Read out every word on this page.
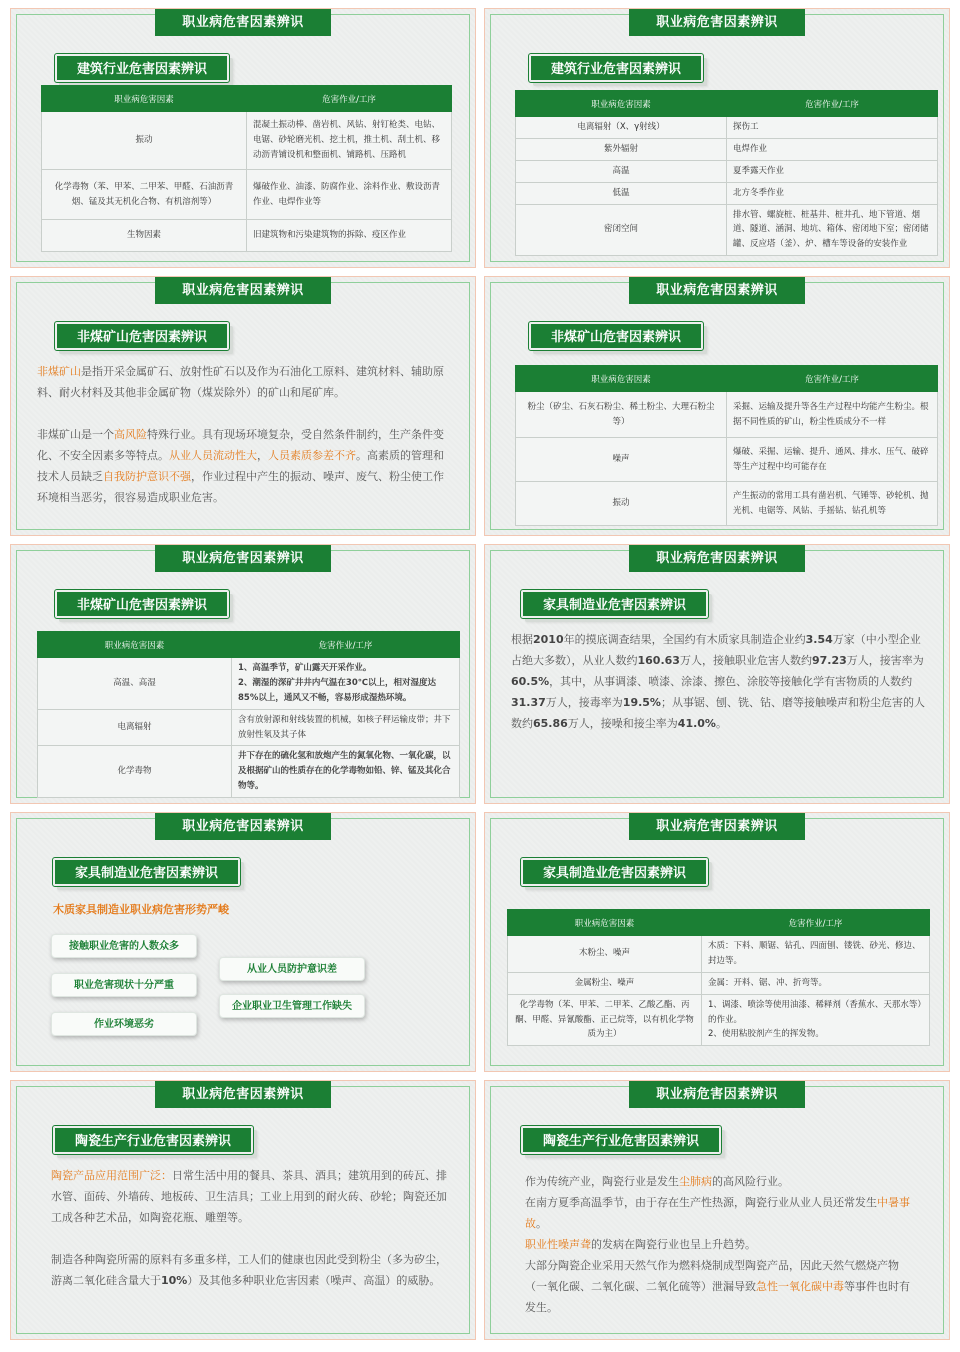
职业病危害因素辨识
建筑行业危害因素辨识
职业病危害因素	危害作业/工序
振动	混凝土振动棒、凿岩机、风钻、射钉枪类、电钻、电锯、砂轮磨光机、挖土机，推土机、刮土机、移动沥青铺设机和整面机、铺路机、压路机
化学毒物（苯、甲苯、二甲苯、甲醛、石油沥青烟、锰及其无机化合物、有机溶剂等）	爆破作业、油漆、防腐作业、涂料作业、敷设沥青作业、电焊作业等
生物因素	旧建筑物和污染建筑物的拆除、疫区作业
职业病危害因素辨识
建筑行业危害因素辨识
职业病危害因素	危害作业/工序
电离辐射（X、γ射线）	探伤工
紫外辐射	电焊作业
高温	夏季露天作业
低温	北方冬季作业
密闭空间	排水管、螺旋桩、桩基井、桩井孔、地下管道、烟道、隧道、涵洞、地坑、箱体、密闭地下室；密闭储罐、反应塔（釜）、炉、槽车等设备的安装作业
职业病危害因素辨识
非煤矿山危害因素辨识
非煤矿山是指开采金属矿石、放射性矿石以及作为石油化工原料、建筑材料、辅助原料、耐火材料及其他非金属矿物（煤炭除外）的矿山和尾矿库。
非煤矿山是一个高风险特殊行业。具有现场环境复杂，受自然条件制约，生产条件变化、不安全因素多等特点。从业人员流动性大，人员素质参差不齐。高素质的管理和技术人员缺乏自我防护意识不强，作业过程中产生的振动、噪声、废气、粉尘使工作环境相当恶劣，很容易造成职业危害。
职业病危害因素辨识
非煤矿山危害因素辨识
职业病危害因素	危害作业/工序
粉尘（矽尘、石灰石粉尘、稀土粉尘、大理石粉尘等）	采掘、运输及提升等各生产过程中均能产生粉尘。根据不同性质的矿山，粉尘性质成分不一样
噪声	爆破、采掘、运输、提升、通风、排水、压气、破碎等生产过程中均可能存在
振动	产生振动的常用工具有凿岩机、气锤等、砂轮机、抛光机、电锯等、风钻、手摇钻、钻孔机等
职业病危害因素辨识
非煤矿山危害因素辨识
职业病危害因素	危害作业/工序
高温、高湿	1、高温季节，矿山露天开采作业。
2、潮湿的深矿井井内气温在30℃以上，相对湿度达85%以上，通风又不畅，容易形成湿热环境。

电离辐射	含有放射源和射线装置的机械，如核子秤运输皮带；井下放射性氡及其子体
化学毒物	井下存在的硫化氢和放炮产生的氮氧化物、一氧化碳，以及根据矿山的性质存在的化学毒物如铅、锌、锰及其化合物等。
职业病危害因素辨识
家具制造业危害因素辨识
根据2010年的摸底调查结果，全国约有木质家具制造企业约3.54万家（中小型企业占绝大多数），从业人数约160.63万人，接触职业危害人数约97.23万人，接害率为60.5%，其中，从事调漆、喷漆、涂漆、擦色、涂胶等接触化学有害物质的人数约31.37万人，接毒率为19.5%；从事锯、刨、铣、钻、磨等接触噪声和粉尘危害的人数约65.86万人，接噪和接尘率为41.0%。
职业病危害因素辨识
家具制造业危害因素辨识
木质家具制造业职业病危害形势严峻
接触职业危害的人数众多
职业危害现状十分严重
作业环境恶劣
从业人员防护意识差
企业职业卫生管理工作缺失
职业病危害因素辨识
家具制造业危害因素辨识
职业病危害因素	危害作业/工序
木粉尘、噪声	木质：下料、顺锯、钻孔、四面刨、镂铣、砂光、修边、封边等。
金属粉尘、噪声	金属：开料、锯、冲、折弯等。
化学毒物（苯、甲苯、二甲苯、乙酸乙酯、丙酮、甲醛、异氰酸酯、正己烷等，以有机化学物质为主）	1、调漆、喷涂等使用油漆、稀释剂（香蕉水、天那水等）的作业。
2、使用粘胶剂产生的挥发物。
职业病危害因素辨识
陶瓷生产行业危害因素辨识
陶瓷产品应用范围广泛：日常生活中用的餐具、茶具、酒具；建筑用到的砖瓦、排水管、面砖、外墙砖、地板砖、卫生洁具；工业上用到的耐火砖、砂轮；陶瓷还加工成各种艺术品，如陶瓷花瓶、雕塑等。
制造各种陶瓷所需的原料有多重多样，工人们的健康也因此受到粉尘（多为矽尘，游离二氧化硅含量大于10%）及其他多种职业危害因素（噪声、高温）的威胁。
职业病危害因素辨识
陶瓷生产行业危害因素辨识
作为传统产业，陶瓷行业是发生尘肺病的高风险行业。
在南方夏季高温季节，由于存在生产性热源，陶瓷行业从业人员还常发生中暑事故。
职业性噪声聋的发病在陶瓷行业也呈上升趋势。
大部分陶瓷企业采用天然气作为燃料烧制成型陶瓷产品，因此天然气燃烧产物（一氧化碳、二氧化碳、二氧化硫等）泄漏导致急性一氧化碳中毒等事件也时有发生。
